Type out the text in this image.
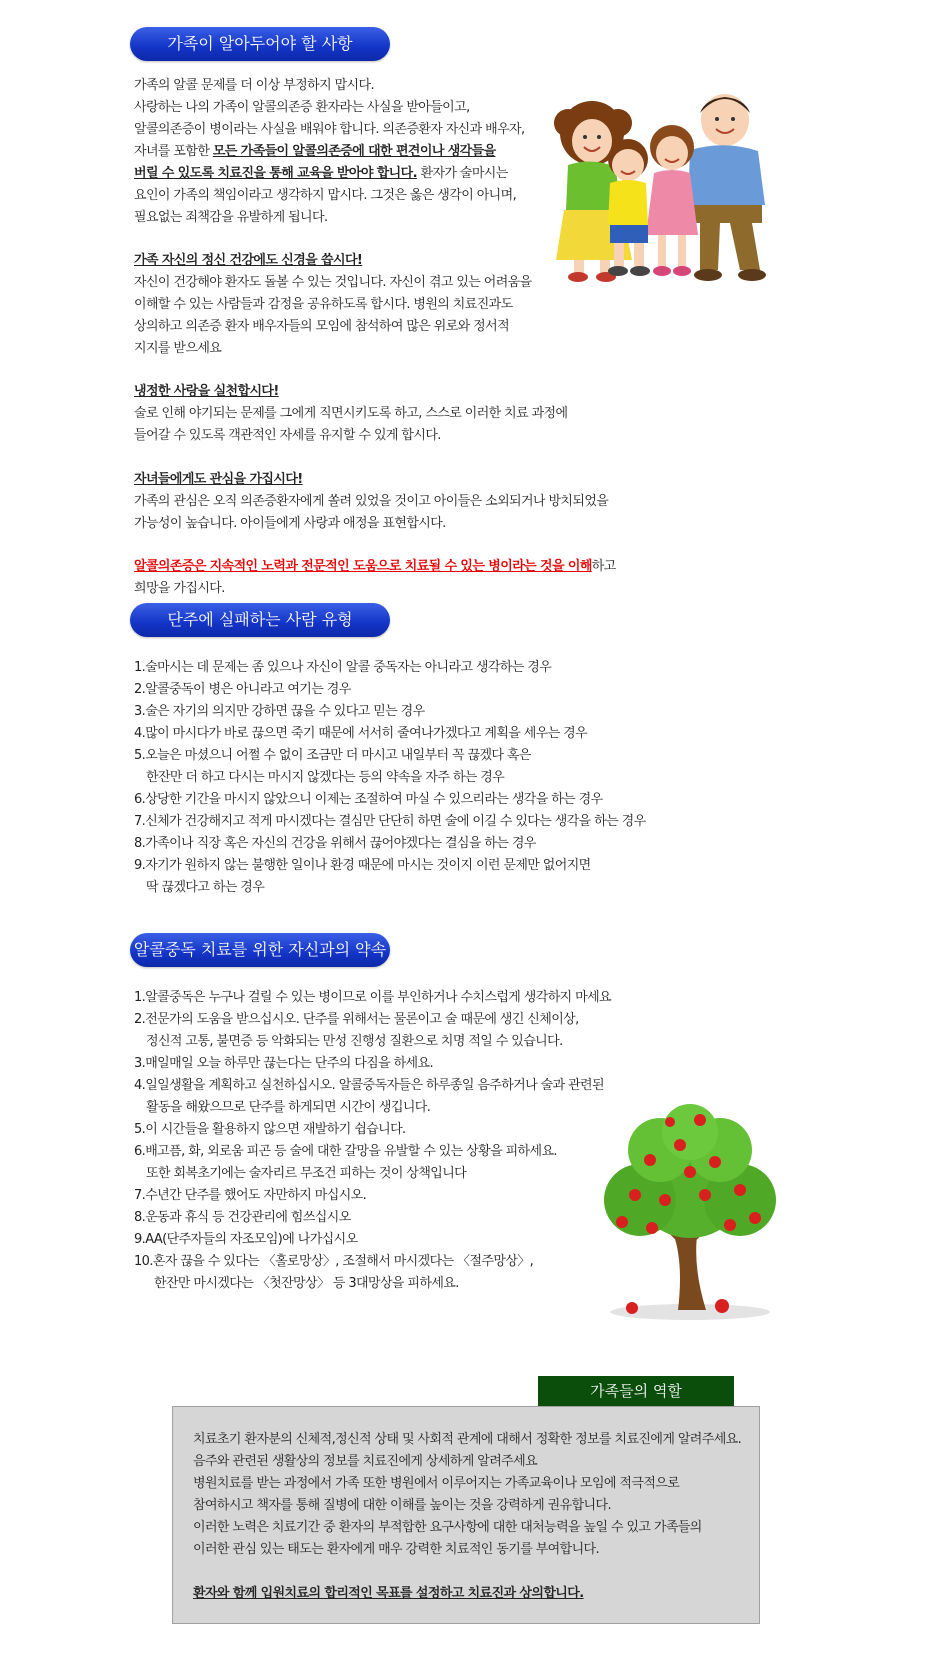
가족이 알아두어야 할 사항
가족의 알콜 문제를 더 이상 부정하지 맙시다.
사랑하는 나의 가족이 알콜의존증 환자라는 사실을 받아들이고,
알콜의존증이 병이라는 사실을 배워야 합니다. 의존증환자 자신과 배우자,
자녀를 포함한 모든 가족들이 알콜의존증에 대한 편견이나 생각들을
버릴 수 있도록 치료진을 통해 교육을 받아야 합니다. 환자가 술마시는
요인이 가족의 책임이라고 생각하지 맙시다. 그것은 옳은 생각이 아니며,
필요없는 죄책감을 유발하게 됩니다.
가족 자신의 정신 건강에도 신경을 씁시다!
자신이 건강해야 환자도 돌볼 수 있는 것입니다. 자신이 겪고 있는 어려움을
이해할 수 있는 사람들과 감정을 공유하도록 합시다. 병원의 치료진과도
상의하고 의존증 환자 배우자들의 모임에 참석하여 많은 위로와 정서적
지지를 받으세요
냉정한 사랑을 실천합시다!
술로 인해 야기되는 문제를 그에게 직면시키도록 하고, 스스로 이러한 치료 과정에
들어갈 수 있도록 객관적인 자세를 유지할 수 있게 합시다.
자녀들에게도 관심을 가집시다!
가족의 관심은 오직 의존증환자에게 쏠려 있었을 것이고 아이들은 소외되거나 방치되었을
가능성이 높습니다. 아이들에게 사랑과 애정을 표현합시다.
알콜의존증은 지속적인 노력과 전문적인 도움으로 치료될 수 있는 병이라는 것을 이해하고
희망을 가집시다.
단주에 실패하는 사람 유형
1.술마시는 데 문제는 좀 있으나 자신이 알콜 중독자는 아니라고 생각하는 경우
2.알콜중독이 병은 아니라고 여기는 경우
3.술은 자기의 의지만 강하면 끊을 수 있다고 믿는 경우
4.많이 마시다가 바로 끊으면 죽기 때문에 서서히 줄여나가겠다고 계획을 세우는 경우
5.오늘은 마셨으니 어쩔 수 없이 조금만 더 마시고 내일부터 꼭 끊겠다 혹은
한잔만 더 하고 다시는 마시지 않겠다는 등의 약속을 자주 하는 경우
6.상당한 기간을 마시지 않았으니 이제는 조절하여 마실 수 있으리라는 생각을 하는 경우
7.신체가 건강해지고 적게 마시겠다는 결심만 단단히 하면 술에 이길 수 있다는 생각을 하는 경우
8.가족이나 직장 혹은 자신의 건강을 위해서 끊어야겠다는 결심을 하는 경우
9.자기가 원하지 않는 불행한 일이나 환경 때문에 마시는 것이지 이런 문제만 없어지면
딱 끊겠다고 하는 경우
알콜중독 치료를 위한 자신과의 약속
1.알콜중독은 누구나 걸릴 수 있는 병이므로 이를 부인하거나 수치스럽게 생각하지 마세요
2.전문가의 도움을 받으십시오. 단주를 위해서는 물론이고 술 때문에 생긴 신체이상,
정신적 고통, 불면증 등 악화되는 만성 진행성 질환으로 치명 적일 수 있습니다.
3.매일매일 오늘 하루만 끊는다는 단주의 다짐을 하세요.
4.일일생활을 계획하고 실천하십시오. 알콜중독자들은 하루종일 음주하거나 술과 관련된
활동을 해왔으므로 단주를 하게되면 시간이 생깁니다.
5.이 시간들을 활용하지 않으면 재발하기 쉽습니다.
6.배고픔, 화, 외로움 피곤 등 술에 대한 갈망을 유발할 수 있는 상황을 피하세요.
또한 회복초기에는 술자리르 무조건 피하는 것이 상책입니다
7.수년간 단주를 했어도 자만하지 마십시오.
8.운동과 휴식 등 건강관리에 힘쓰십시오
9.AA(단주자들의 자조모임)에 나가십시오
10.혼자 끊을 수 있다는 〈홀로망상〉, 조절해서 마시겠다는 〈절주망상〉,
한잔만 마시겠다는 〈첫잔망상〉 등 3대망상을 피하세요.
가족들의 역할

치료초기 환자분의 신체적,정신적 상태 및 사회적 관계에 대해서 정확한 정보를 치료진에게 알려주세요.

음주와 관련된 생활상의 정보를 치료진에게 상세하게 알려주세요

병원치료를 받는 과정에서 가족 또한 병원에서 이루어지는 가족교육이나 모임에 적극적으로

참여하시고 책자를 통해 질병에 대한 이해를 높이는 것을 강력하게 권유합니다.

이러한 노력은 치료기간 중 환자의 부적합한 요구사항에 대한 대처능력을 높일 수 있고 가족들의

이러한 관심 있는 태도는 환자에게 매우 강력한 치료적인 동기를 부여합니다.

환자와 함께 입원치료의 합리적인 목표를 설정하고 치료진과 상의합니다.
